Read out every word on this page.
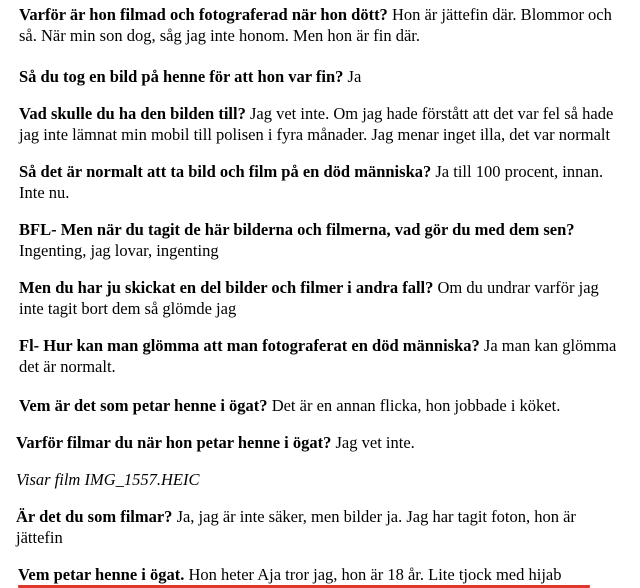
Varför är hon filmad och fotograferad när hon dött? Hon är jättefin där. Blommor och så. När min son dog, såg jag inte honom. Men hon är fin där.

Så du tog en bild på henne för att hon var fin? Ja

Vad skulle du ha den bilden till? Jag vet inte. Om jag hade förstått att det var fel så hade jag inte lämnat min mobil till polisen i fyra månader. Jag menar inget illa, det var normalt

Så det är normalt att ta bild och film på en död människa? Ja till 100 procent, innan. Inte nu.

BFL- Men när du tagit de här bilderna och filmerna, vad gör du med dem sen? Ingenting, jag lovar, ingenting

Men du har ju skickat en del bilder och filmer i andra fall? Om du undrar varför jag inte tagit bort dem så glömde jag

Fl- Hur kan man glömma att man fotograferat en död människa? Ja man kan glömma det är normalt.

Vem är det som petar henne i ögat? Det är en annan flicka, hon jobbade i köket.

Varför filmar du när hon petar henne i ögat? Jag vet inte.

Visar film IMG_1557.HEIC

Är det du som filmar? Ja, jag är inte säker, men bilder ja. Jag har tagit foton, hon är jättefin

Vem petar henne i ögat. Hon heter Aja tror jag, hon är 18 år. Lite tjock med hijab
